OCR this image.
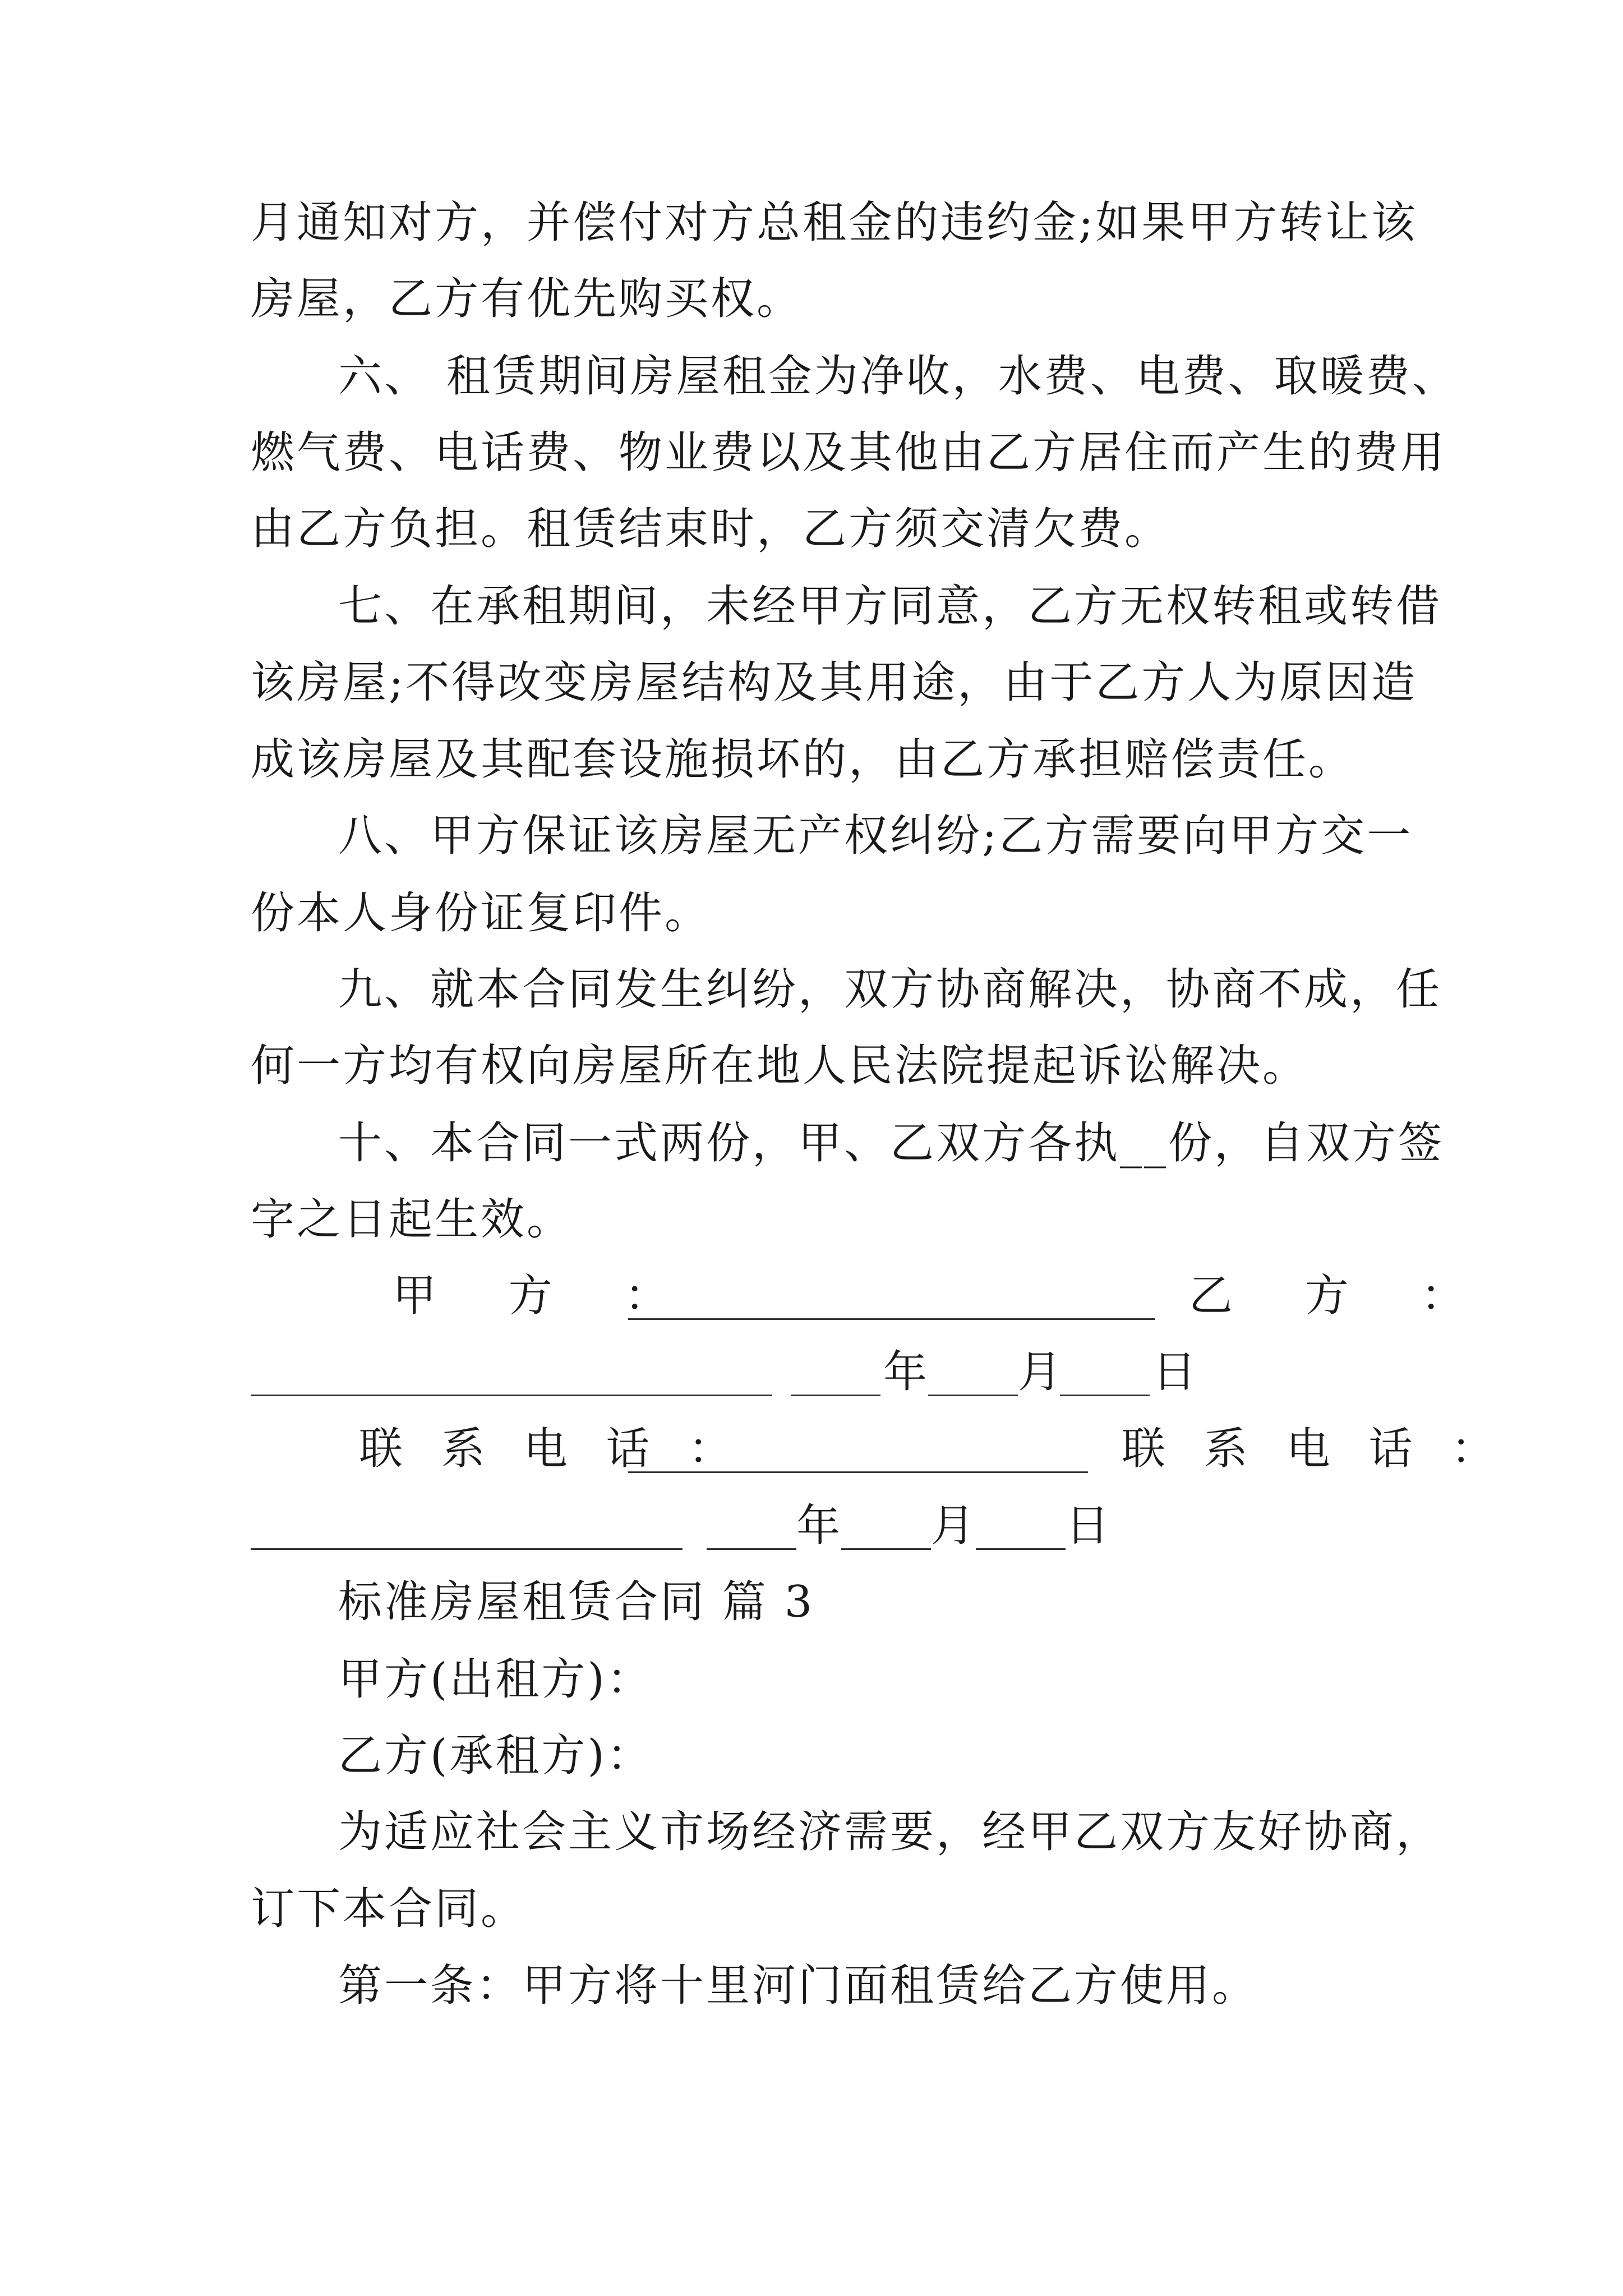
月通知对方，并偿付对方总租金的违约金;如果甲方转让该
房屋，乙方有优先购买权。
六、 租赁期间房屋租金为净收，水费、电费、取暖费、
燃气费、电话费、物业费以及其他由乙方居住而产生的费用
由乙方负担。租赁结束时，乙方须交清欠费。
七、在承租期间，未经甲方同意，乙方无权转租或转借
该房屋;不得改变房屋结构及其用途，由于乙方人为原因造
成该房屋及其配套设施损坏的，由乙方承担赔偿责任。
八、甲方保证该房屋无产权纠纷;乙方需要向甲方交一
份本人身份证复印件。
九、就本合同发生纠纷，双方协商解决，协商不成，任
何一方均有权向房屋所在地人民法院提起诉讼解决。
十、本合同一式两份，甲、乙双方各执__份，自双方签
字之日起生效。
甲 方 ：	乙 方 ：
年 月 日
联 系 电 话 ：	联 系 电 话 ：
年 月 日
标准房屋租赁合同 篇 3
甲方(出租方)：
乙方(承租方)：
为适应社会主义市场经济需要，经甲乙双方友好协商，
订下本合同。
第一条：甲方将十里河门面租赁给乙方使用。
